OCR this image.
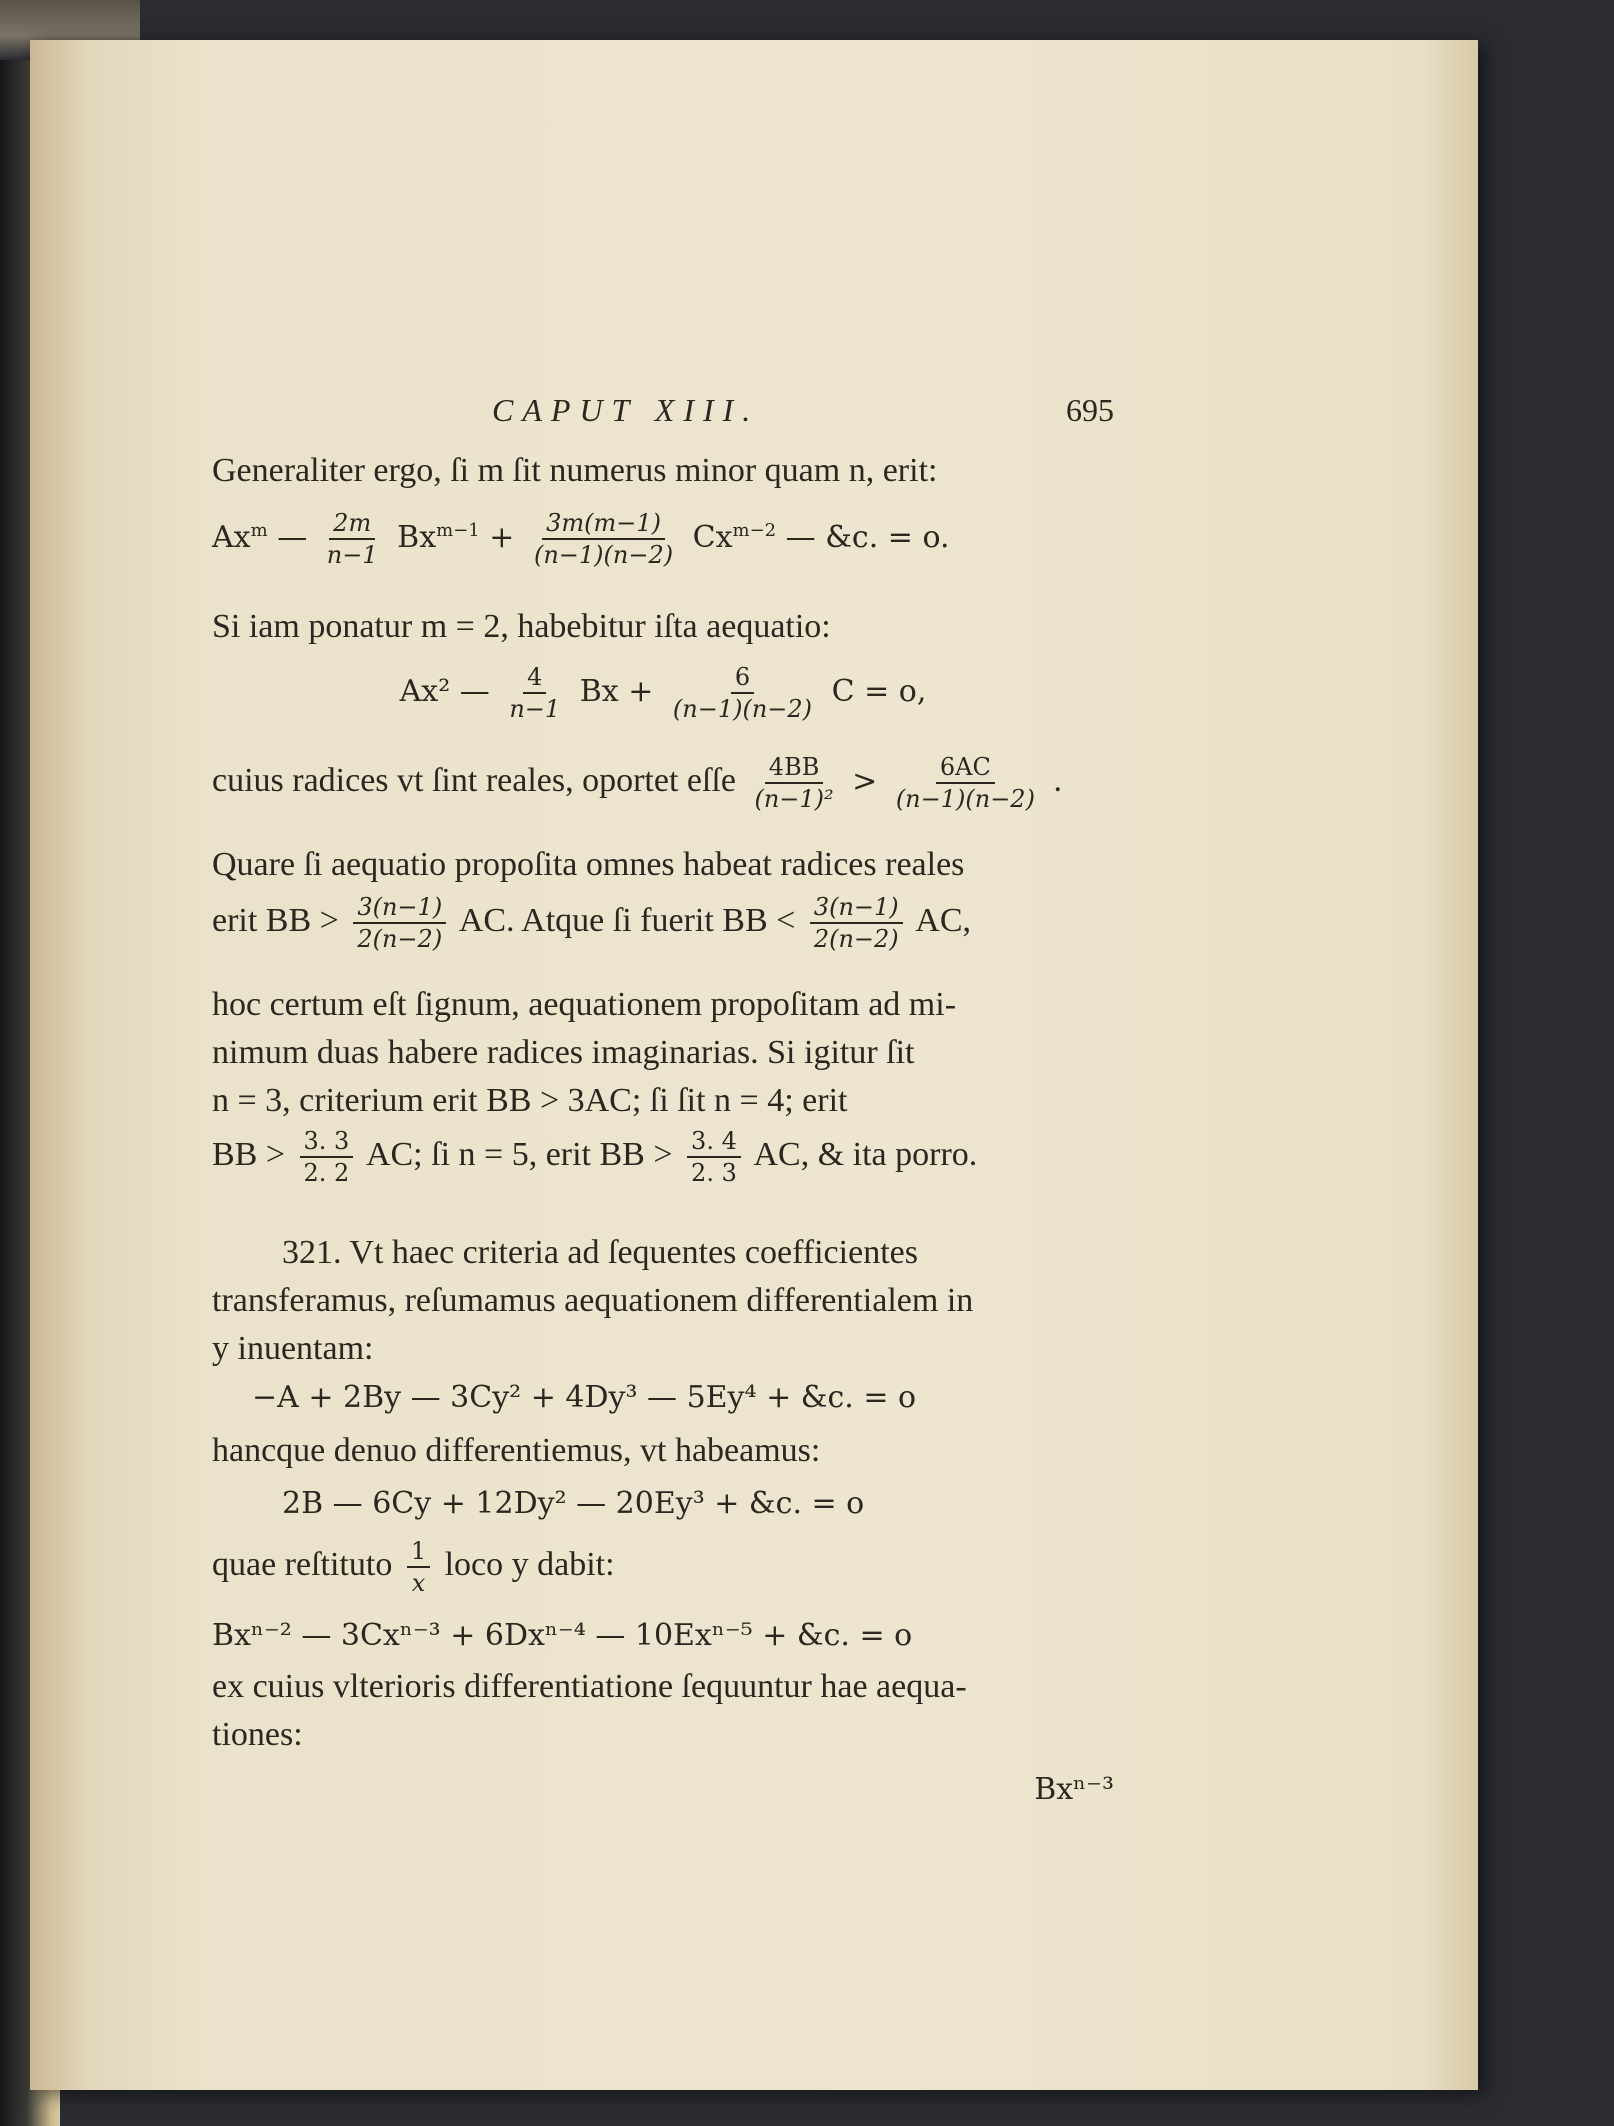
CAPUT XIII.	695
Generaliter ergo, ſi m ſit numerus minor quam n, erit:
Ax$^m$ — $\frac{2m}{n-1} Bx^{m-1} + \frac{3m(m-1)}{(n-1)(n-2)} Cx^{m-2}$ — &c. = o.
Si iam ponatur m = 2, habebitur iſta aequatio:
Ax² — $\frac{4}{n-1}$ $Bx + \frac{6}{(n-1)(n-2)}$ C = o,
cuius radices vt ſint reales, oportet eſſe $\frac{4BB}{\text{(n−1)²}} > \frac{6AC}{(n-1)(n-2)}$ .
Quare ſi aequatio propoſita omnes habeat radices reales
erit BB > $\frac{3(n-1)}{2(n-2)}$ AC. Atque ſi fuerit BB < $\frac{3(n-1)}{2(n-2)}$ AC,
hoc certum eſt ſignum, aequationem propoſitam ad mi-
nimum duas habere radices imaginarias. Si igitur ſit
n = 3, criterium erit BB > 3AC; ſi ſit n = 4; erit
BB > $\frac{3. 3}{2. 2}$ AC; ſi n = 5, erit BB > $\frac{3. 4}{2. 3}$ AC, & ita porro.
321. Vt haec criteria ad ſequentes coefficientes
transferamus, reſumamus aequationem differentialem in
y inuentam:
−A + 2By — 3Cy² + 4Dy³ — 5Ey⁴ + &c. = o
hancque denuo differentiemus, vt habeamus:
2B — 6Cy + 12Dy² — 20Ey³ + &c. = o
quae reſtituto $\frac{1}{x}$ loco y dabit:
Bxⁿ⁻² — 3Cxⁿ⁻³ + 6Dxⁿ⁻⁴ — 10Exⁿ⁻⁵ + &c. = o
ex cuius vlterioris differentiatione ſequuntur hae aequa-
tiones:
Bxⁿ⁻³
